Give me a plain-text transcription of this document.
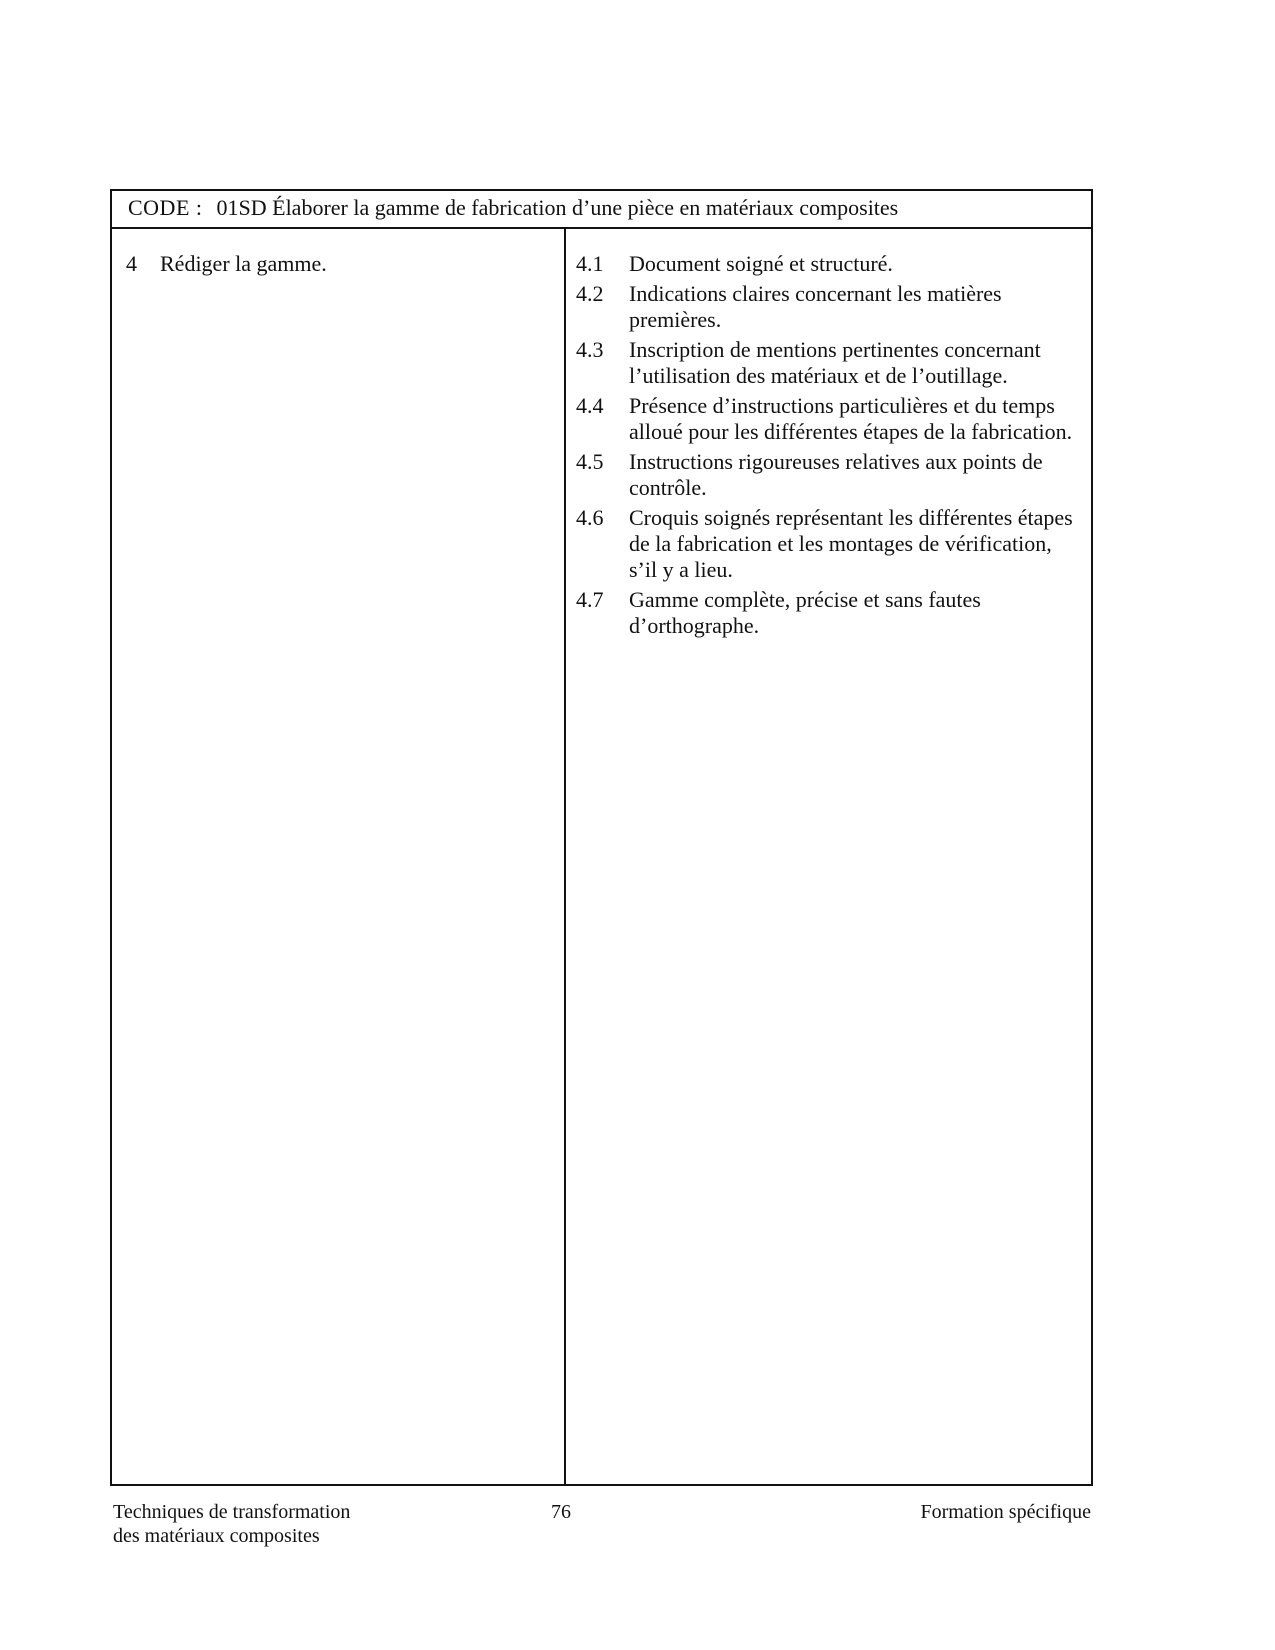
CODE : 01SD Élaborer la gamme de fabrication d’une pièce en matériaux composites
4	Rédiger la gamme.	4.1	Document soigné et structuré.
4.2	Indications claires concernant les matières premières.
4.3	Inscription de mentions pertinentes concernant l’utilisation des matériaux et de l’outillage.
4.4	Présence d’instructions particulières et du temps alloué pour les différentes étapes de la fabrication.
4.5	Instructions rigoureuses relatives aux points de contrôle.
4.6	Croquis soignés représentant les différentes étapes de la fabrication et les montages de vérification, s’il y a lieu.
4.7	Gamme complète, précise et sans fautes d’orthographe.
Techniques de transformation
des matériaux composites
76	Formation spécifique
